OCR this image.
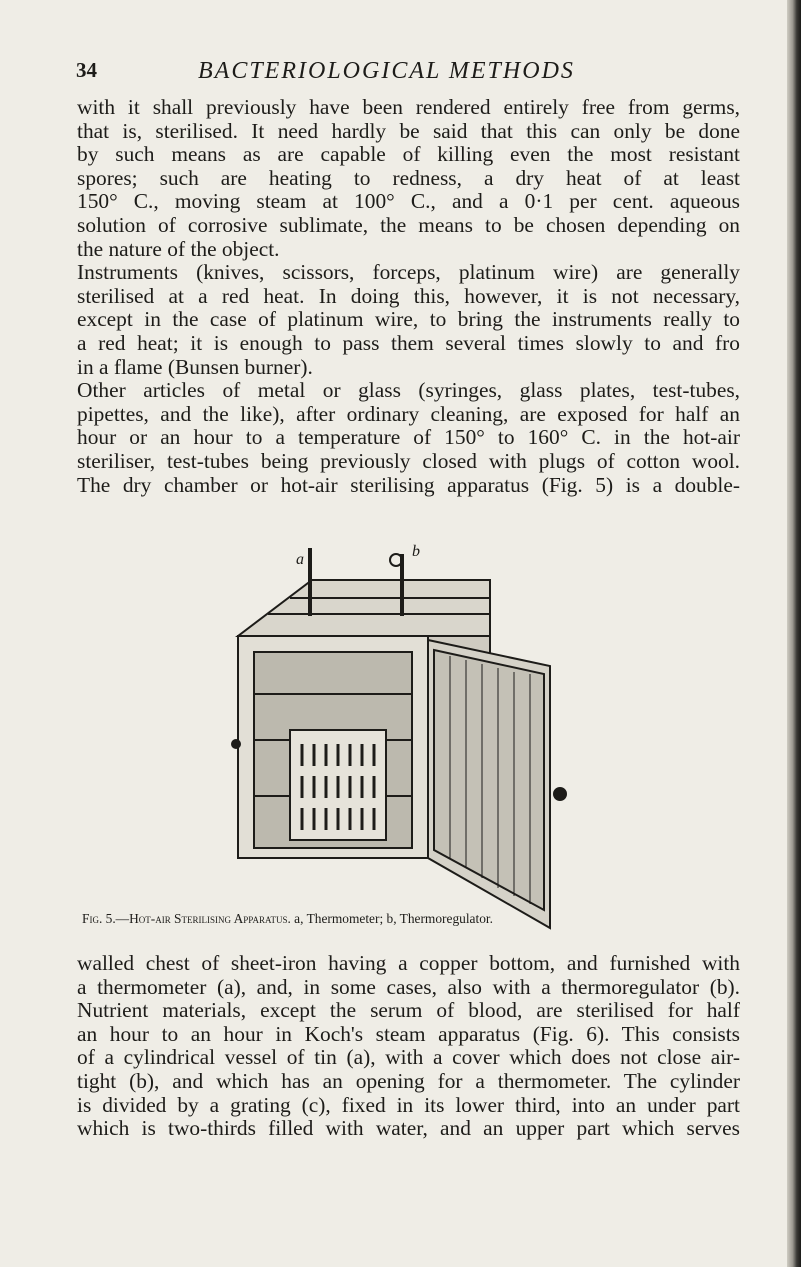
34	BACTERIOLOGICAL METHODS

with it shall previously have been rendered entirely free from germs,

that is, sterilised. It need hardly be said that this can only be done

by such means as are capable of killing even the most resistant

spores; such are heating to redness, a dry heat of at least

150° C., moving steam at 100° C., and a 0·1 per cent. aqueous

solution of corrosive sublimate, the means to be chosen depending on

the nature of the object.

Instruments (knives, scissors, forceps, platinum wire) are generally

sterilised at a red heat. In doing this, however, it is not necessary,

except in the case of platinum wire, to bring the instruments really to

a red heat; it is enough to pass them several times slowly to and fro

in a flame (Bunsen burner).

Other articles of metal or glass (syringes, glass plates, test-tubes,

pipettes, and the like), after ordinary cleaning, are exposed for half an

hour or an hour to a temperature of 150° to 160° C. in the hot-air

steriliser, test-tubes being previously closed with plugs of cotton wool.

The dry chamber or hot-air sterilising apparatus (Fig. 5) is a double-

a	b
Fig. 5.—Hot-air Sterilising Apparatus. a, Thermometer; b, Thermoregulator.

walled chest of sheet-iron having a copper bottom, and furnished with

a thermometer (a), and, in some cases, also with a thermoregulator (b).

Nutrient materials, except the serum of blood, are sterilised for half

an hour to an hour in Koch's steam apparatus (Fig. 6). This consists

of a cylindrical vessel of tin (a), with a cover which does not close air-

tight (b), and which has an opening for a thermometer. The cylinder

is divided by a grating (c), fixed in its lower third, into an under part

which is two-thirds filled with water, and an upper part which serves
